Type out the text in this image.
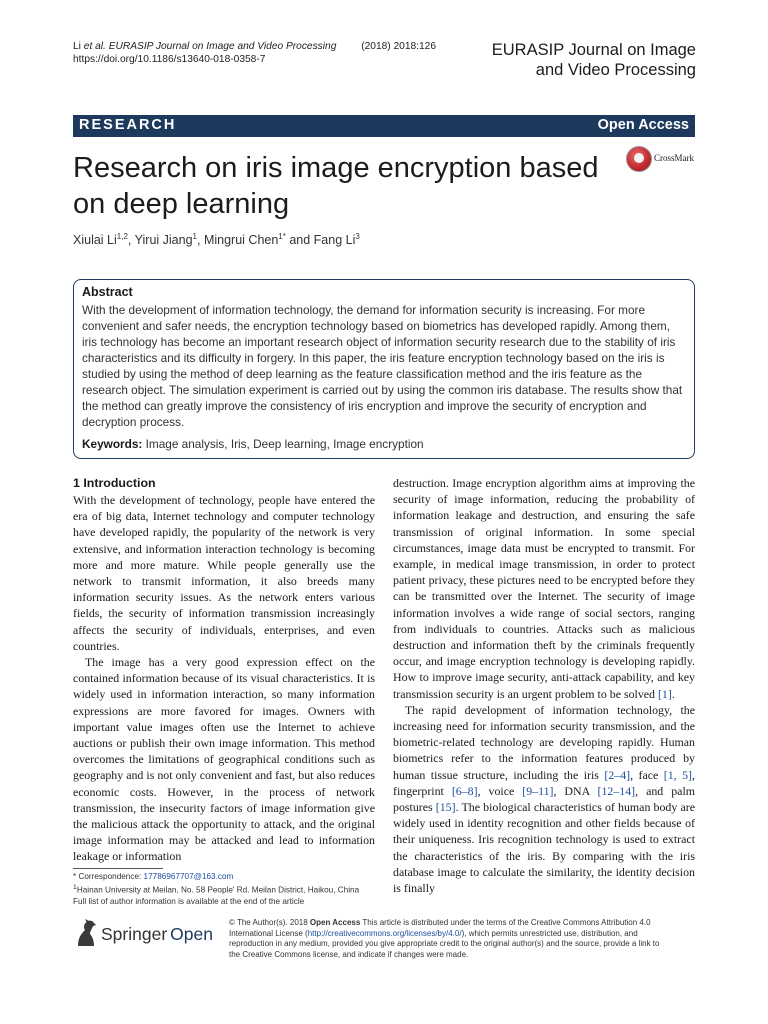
Li et al. EURASIP Journal on Image and Video Processing (2018) 2018:126
https://doi.org/10.1186/s13640-018-0358-7
EURASIP Journal on Image
and Video Processing
RESEARCH	Open Access
Research on iris image encryption based on deep learning
CrossMark
Xiulai Li$^{1,2}$, Yirui Jiang$^1$, Mingrui Chen$^{1*}$ and Fang Li$^3$
Abstract

With the development of information technology, the demand for information security is increasing. For more convenient and safer needs, the encryption technology based on biometrics has developed rapidly. Among them, iris technology has become an important research object of information security research due to the stability of iris characteristics and its difficulty in forgery. In this paper, the iris feature encryption technology based on the iris is studied by using the method of deep learning as the feature classification method and the iris feature as the research object. The simulation experiment is carried out by using the common iris database. The results show that the method can greatly improve the consistency of iris encryption and improve the security of encryption and decryption process.

Keywords: Image analysis, Iris, Deep learning, Image encryption

1 Introduction

With the development of technology, people have entered the era of big data, Internet technology and computer technology have developed rapidly, the popularity of the network is very extensive, and information interaction technology is becoming more and more mature. While people generally use the network to transmit information, it also breeds many information security issues. As the network enters various fields, the security of information transmission increasingly affects the security of individuals, enterprises, and even countries.

The image has a very good expression effect on the contained information because of its visual characteristics. It is widely used in information interaction, so many information expressions are more favored for images. Owners with important value images often use the Internet to achieve auctions or publish their own image information. This method overcomes the limitations of geographical conditions such as geography and is not only convenient and fast, but also reduces economic costs. However, in the process of network transmission, the insecurity factors of image information give the malicious attack the opportunity to attack, and the original image information may be attacked and lead to information leakage or information

destruction. Image encryption algorithm aims at improving the security of image information, reducing the probability of information leakage and destruction, and ensuring the safe transmission of original information. In some special circumstances, image data must be encrypted to transmit. For example, in medical image transmission, in order to protect patient privacy, these pictures need to be encrypted before they can be transmitted over the Internet. The security of image information involves a wide range of social sectors, ranging from individuals to countries. Attacks such as malicious destruction and information theft by the criminals frequently occur, and image encryption technology is developing rapidly. How to improve image security, anti-attack capability, and key transmission security is an urgent problem to be solved [1].

The rapid development of information technology, the increasing need for information security transmission, and the biometric-related technology are developing rapidly. Human biometrics refer to the information features produced by human tissue structure, including the iris [2–4], face [1, 5], fingerprint [6–8], voice [9–11], DNA [12–14], and palm postures [15]. The biological characteristics of human body are widely used in identity recognition and other fields because of their uniqueness. Iris recognition technology is used to extract the characteristics of the iris. By comparing with the iris database image to calculate the similarity, the identity decision is finally

* Correspondence: 17786967707@163.com
$^1$Hainan University at Meilan, No. 58 People' Rd. Meilan District, Haikou, China
Full list of author information is available at the end of the article
Springer Open
© The Author(s). 2018 Open Access This article is distributed under the terms of the Creative Commons Attribution 4.0 International License (http://creativecommons.org/licenses/by/4.0/), which permits unrestricted use, distribution, and reproduction in any medium, provided you give appropriate credit to the original author(s) and the source, provide a link to the Creative Commons license, and indicate if changes were made.
